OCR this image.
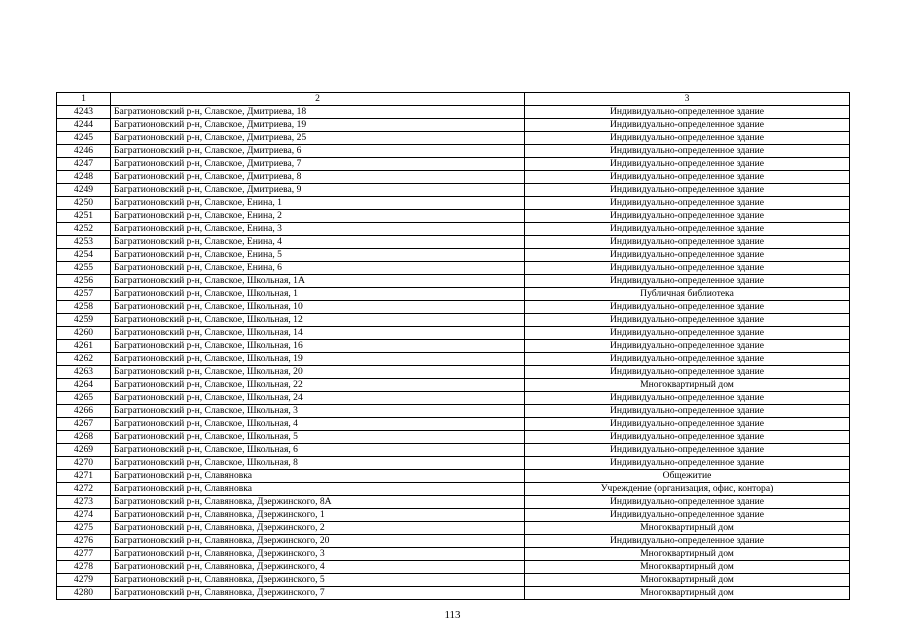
1	2	3
4243	Багратионовский р-н, Славское, Дмитриева, 18	Индивидуально-определенное здание
4244	Багратионовский р-н, Славское, Дмитриева, 19	Индивидуально-определенное здание
4245	Багратионовский р-н, Славское, Дмитриева, 25	Индивидуально-определенное здание
4246	Багратионовский р-н, Славское, Дмитриева, 6	Индивидуально-определенное здание
4247	Багратионовский р-н, Славское, Дмитриева, 7	Индивидуально-определенное здание
4248	Багратионовский р-н, Славское, Дмитриева, 8	Индивидуально-определенное здание
4249	Багратионовский р-н, Славское, Дмитриева, 9	Индивидуально-определенное здание
4250	Багратионовский р-н, Славское, Енина, 1	Индивидуально-определенное здание
4251	Багратионовский р-н, Славское, Енина, 2	Индивидуально-определенное здание
4252	Багратионовский р-н, Славское, Енина, 3	Индивидуально-определенное здание
4253	Багратионовский р-н, Славское, Енина, 4	Индивидуально-определенное здание
4254	Багратионовский р-н, Славское, Енина, 5	Индивидуально-определенное здание
4255	Багратионовский р-н, Славское, Енина, 6	Индивидуально-определенное здание
4256	Багратионовский р-н, Славское, Школьная, 1А	Индивидуально-определенное здание
4257	Багратионовский р-н, Славское, Школьная, 1	Публичная библиотека
4258	Багратионовский р-н, Славское, Школьная, 10	Индивидуально-определенное здание
4259	Багратионовский р-н, Славское, Школьная, 12	Индивидуально-определенное здание
4260	Багратионовский р-н, Славское, Школьная, 14	Индивидуально-определенное здание
4261	Багратионовский р-н, Славское, Школьная, 16	Индивидуально-определенное здание
4262	Багратионовский р-н, Славское, Школьная, 19	Индивидуально-определенное здание
4263	Багратионовский р-н, Славское, Школьная, 20	Индивидуально-определенное здание
4264	Багратионовский р-н, Славское, Школьная, 22	Многоквартирный дом
4265	Багратионовский р-н, Славское, Школьная, 24	Индивидуально-определенное здание
4266	Багратионовский р-н, Славское, Школьная, 3	Индивидуально-определенное здание
4267	Багратионовский р-н, Славское, Школьная, 4	Индивидуально-определенное здание
4268	Багратионовский р-н, Славское, Школьная, 5	Индивидуально-определенное здание
4269	Багратионовский р-н, Славское, Школьная, 6	Индивидуально-определенное здание
4270	Багратионовский р-н, Славское, Школьная, 8	Индивидуально-определенное здание
4271	Багратионовский р-н, Славяновка	Общежитие
4272	Багратионовский р-н, Славяновка	Учреждение (организация, офис, контора)
4273	Багратионовский р-н, Славяновка, Дзержинского, 8А	Индивидуально-определенное здание
4274	Багратионовский р-н, Славяновка, Дзержинского, 1	Индивидуально-определенное здание
4275	Багратионовский р-н, Славяновка, Дзержинского, 2	Многоквартирный дом
4276	Багратионовский р-н, Славяновка, Дзержинского, 20	Индивидуально-определенное здание
4277	Багратионовский р-н, Славяновка, Дзержинского, 3	Многоквартирный дом
4278	Багратионовский р-н, Славяновка, Дзержинского, 4	Многоквартирный дом
4279	Багратионовский р-н, Славяновка, Дзержинского, 5	Многоквартирный дом
4280	Багратионовский р-н, Славяновка, Дзержинского, 7	Многоквартирный дом
113
